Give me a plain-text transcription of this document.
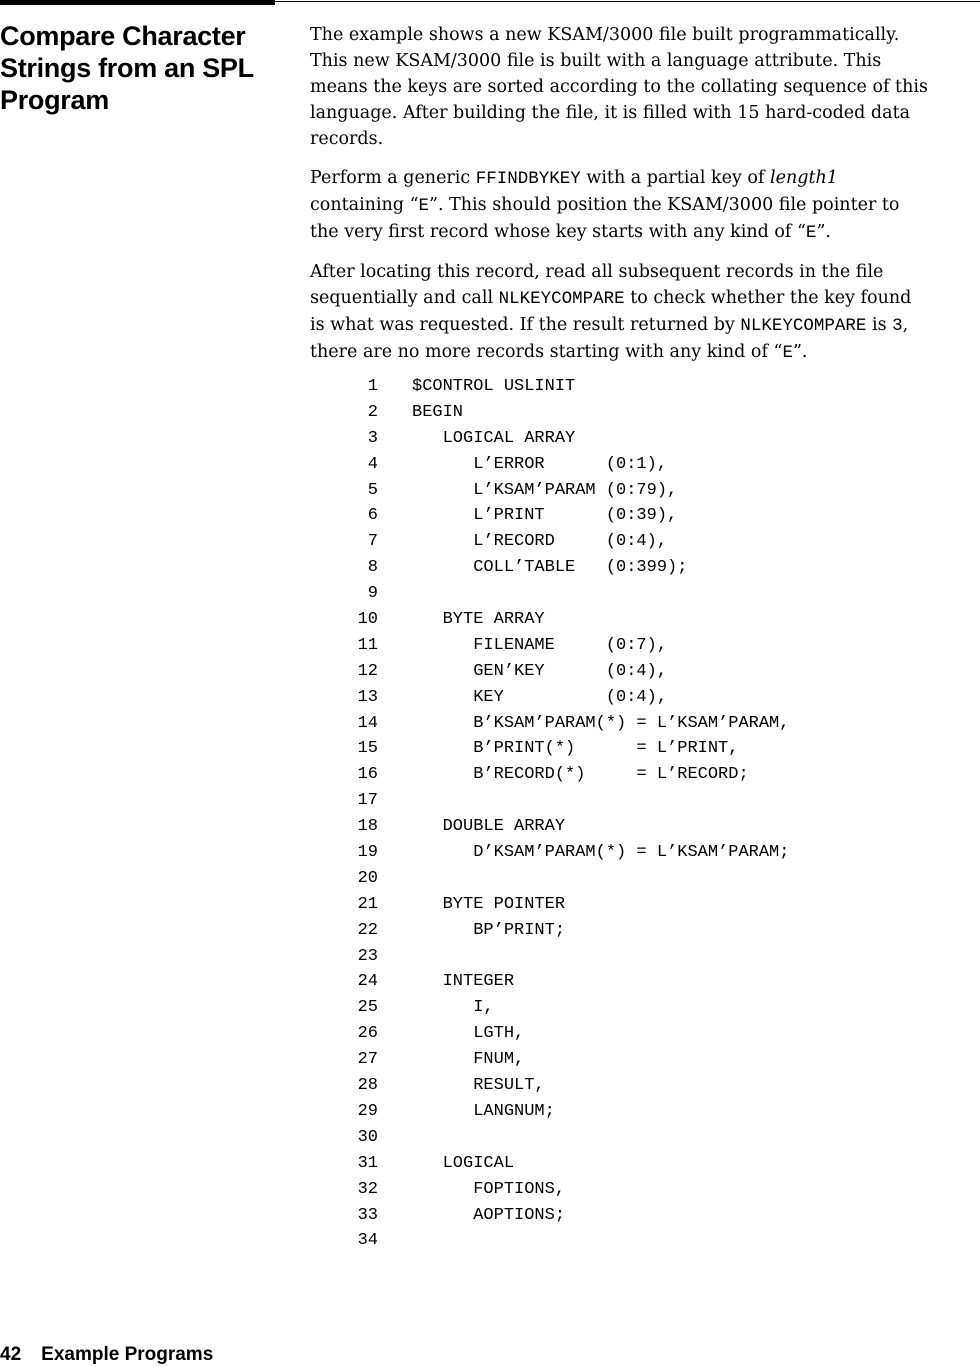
Compare Character
Strings from an SPL
Program

The example shows a new KSAM/3000 file built programmatically.
This new KSAM/3000 file is built with a language attribute. This
means the keys are sorted according to the collating sequence of this
language. After building the file, it is filled with 15 hard-coded data
records.

Perform a generic FFINDBYKEY with a partial key of length1
containing “E”. This should position the KSAM/3000 file pointer to
the very first record whose key starts with any kind of “E”.

After locating this record, read all subsequent records in the file
sequentially and call NLKEYCOMPARE to check whether the key found
is what was requested. If the result returned by NLKEYCOMPARE is 3,
there are no more records starting with any kind of “E”.

1 $CONTROL USLINIT
2 BEGIN
3 LOGICAL ARRAY
4 L’ERROR      (0:1),
5 L’KSAM’PARAM (0:79),
6 L’PRINT      (0:39),
7 L’RECORD     (0:4),
8 COLL’TABLE   (0:399);
9
10 BYTE ARRAY
11 FILENAME     (0:7),
12 GEN’KEY      (0:4),
13 KEY          (0:4),
14 B’KSAM’PARAM(*) = L’KSAM’PARAM,
15 B’PRINT(*)      = L’PRINT,
16 B’RECORD(*)     = L’RECORD;
17
18 DOUBLE ARRAY
19 D’KSAM’PARAM(*) = L’KSAM’PARAM;
20
21 BYTE POINTER
22 BP’PRINT;
23
24 INTEGER
25 I,
26 LGTH,
27 FNUM,
28 RESULT,
29 LANGNUM;
30
31 LOGICAL
32 FOPTIONS,
33 AOPTIONS;
34
42 Example Programs
